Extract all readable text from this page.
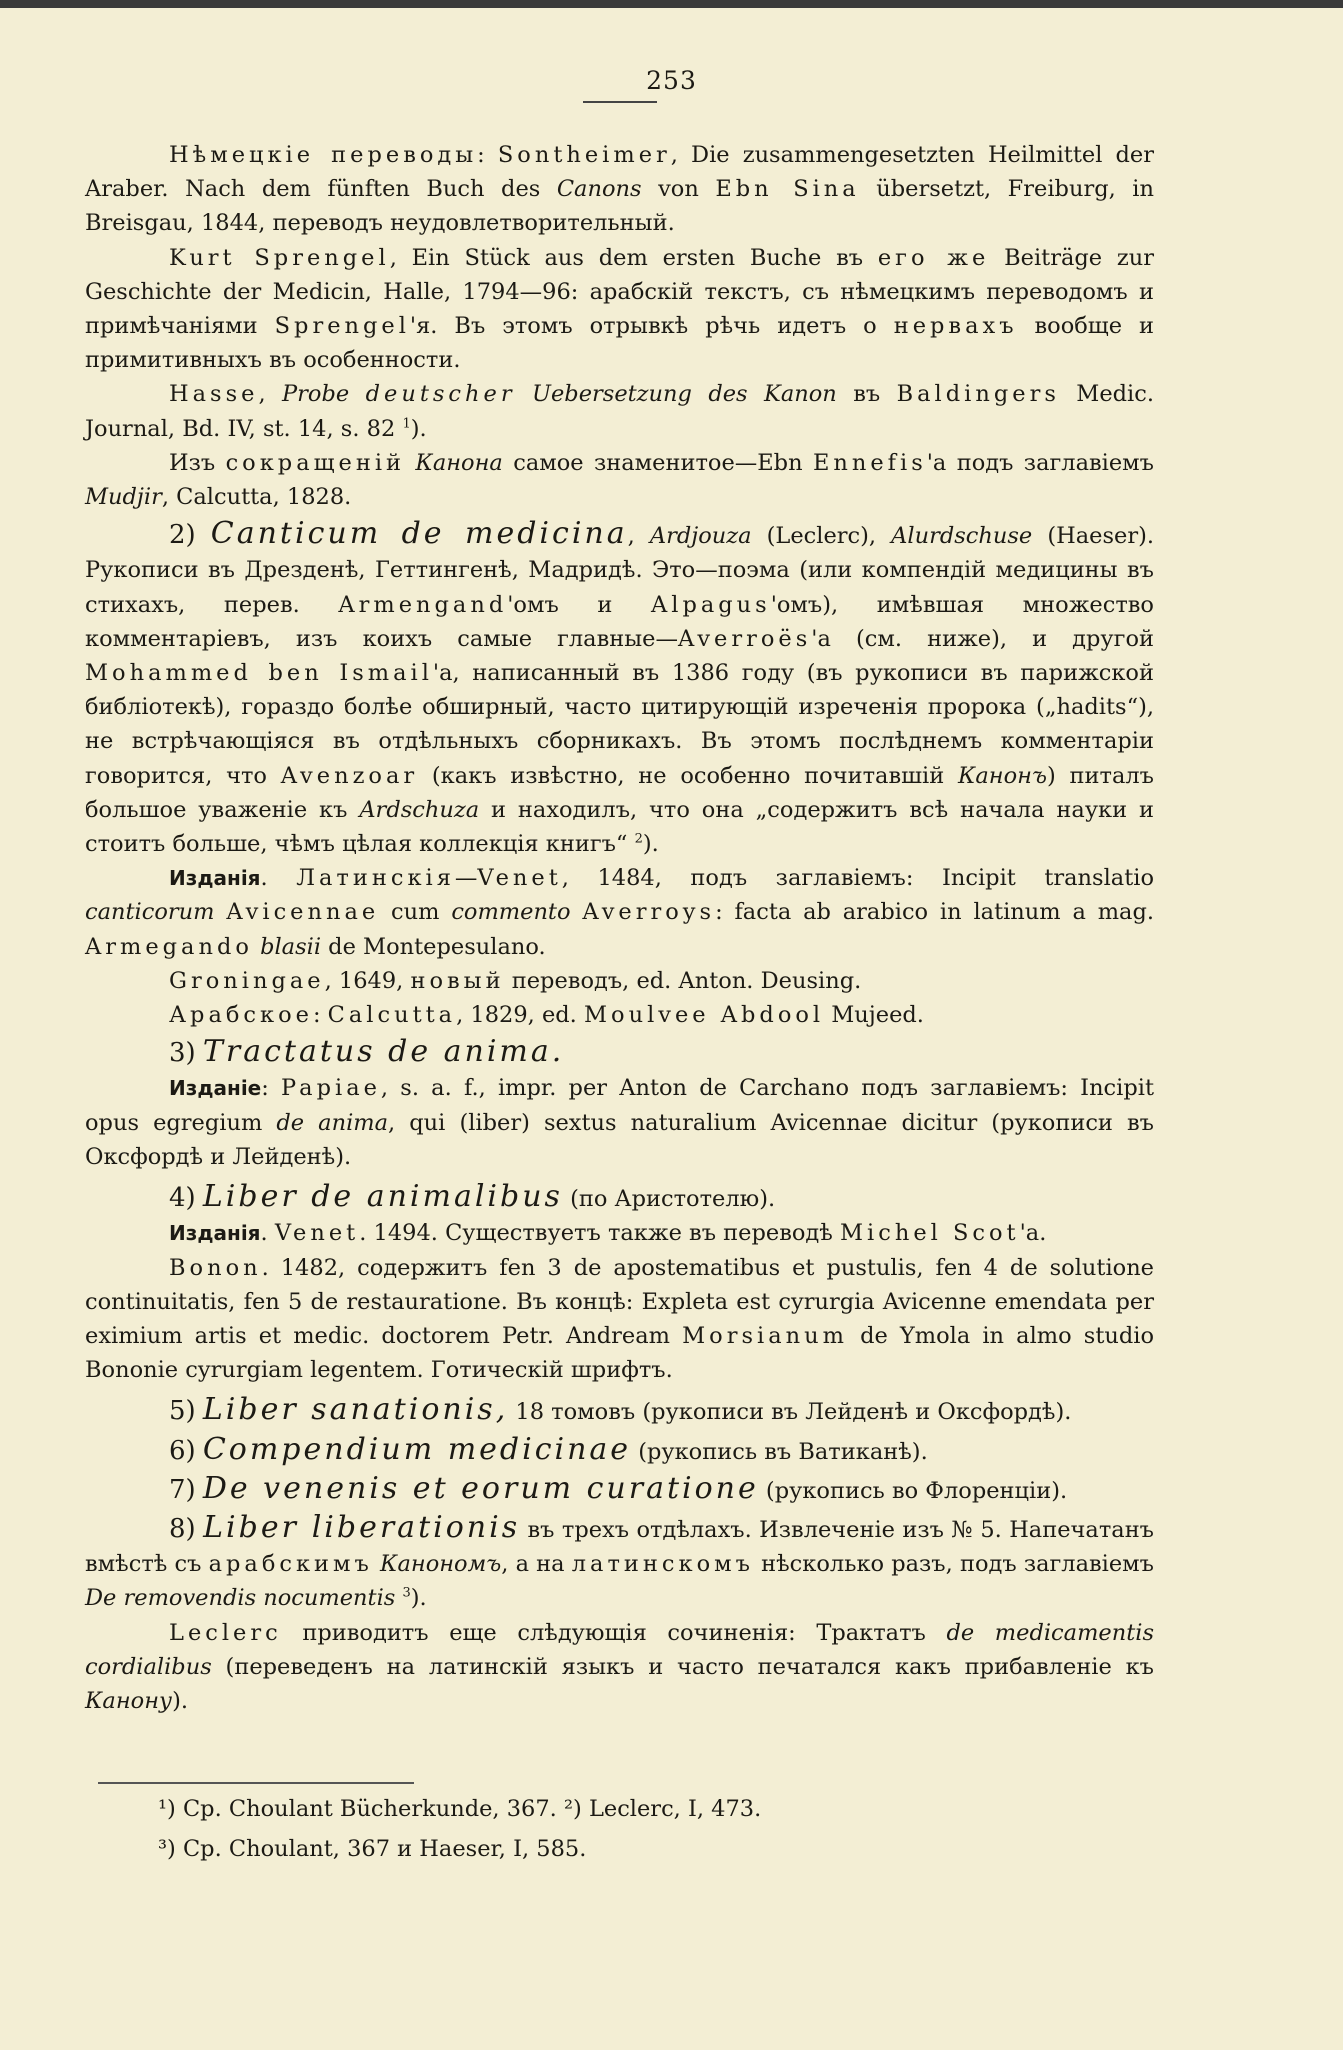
253

Нѣмецкіе переводы: Sontheimer, Die zusammengesetzten Heilmittel der Araber. Nach dem fünften Buch des Canons von Ebn Sina übersetzt, Freiburg, in Breisgau, 1844, переводъ неудовлетворительный.

Kurt Sprengel, Ein Stück aus dem ersten Buche въ его же Beiträge zur Geschichte der Medicin, Halle, 1794—96: арабскій текстъ, съ нѣмецкимъ переводомъ и примѣчаніями Sprengel'я. Въ этомъ отрывкѣ рѣчь идетъ о нервахъ вообще и примитивныхъ въ особенности.

Hasse, Probe deutscher Uebersetzung des Kanon въ Baldingers Medic. Journal, Bd. IV, st. 14, s. 82 $^1$).

Изъ сокращеній Канона самое знаменитое—Ebn Ennefis'а подъ заглавіемъ Mudjir, Calcutta, 1828.

2) Canticum de medicina, Ardjouza (Leclerc), Alurdschuse (Haeser). Рукописи въ Дрезденѣ, Геттингенѣ, Мадридѣ. Это—поэма (или компендій медицины въ стихахъ, перев. Armengand'омъ и Alpagus'омъ), имѣвшая множество комментаріевъ, изъ коихъ самые главные—Averroës'а (см. ниже), и другой Mohammed ben Ismail'а, написанный въ 1386 году (въ рукописи въ парижской библіотекѣ), гораздо болѣе обширный, часто цитирующій изреченія пророка („hadits“), не встрѣчающіяся въ отдѣльныхъ сборникахъ. Въ этомъ послѣднемъ комментаріи говорится, что Avenzoar (какъ извѣстно, не особенно почитавшій Канонъ) питалъ большое уваженіе къ Ardschuza и находилъ, что она „содержитъ всѣ начала науки и стоитъ больше, чѣмъ цѣлая коллекція книгъ“ $^2$).

Изданія. Латинскія—Venet, 1484, подъ заглавіемъ: Incipit translatio canticorum Avicennae cum commento Averroys: facta ab arabico in latinum a mag. Armegando blasii de Montepesulano.

Groningae, 1649, новый переводъ, ed. Anton. Deusing.

Арабское: Calcutta, 1829, ed. Moulvee Abdool Mujeed.

3) Tractatus de anima.

Изданіе: Papiae, s. a. f., impr. per Anton de Carchano подъ заглавіемъ: Incipit opus egregium de anima, qui (liber) sextus naturalium Avicennae dicitur (рукописи въ Оксфордѣ и Лейденѣ).

4) Liber de animalibus (по Аристотелю).

Изданія. Venet. 1494. Существуетъ также въ переводѣ Michel Scot'а.

Bonon. 1482, содержитъ fen 3 de apostematibus et pustulis, fen 4 de solutione continuitatis, fen 5 de restauratione. Въ концѣ: Expleta est cyrurgia Avicenne emendata per eximium artis et medic. doctorem Petr. Andream Morsianum de Ymola in almo studio Bononie cyrurgiam legentem. Готическій шрифтъ.

5) Liber sanationis, 18 томовъ (рукописи въ Лейденѣ и Оксфордѣ).

6) Compendium medicinae (рукопись въ Ватиканѣ).

7) De venenis et eorum curatione (рукопись во Флоренціи).

8) Liber liberationis въ трехъ отдѣлахъ. Извлеченіе изъ № 5. Напечатанъ вмѣстѣ съ арабскимъ Канономъ, а на латинскомъ нѣсколько разъ, подъ заглавіемъ De removendis nocumentis $^3$).

Leclerc приводитъ еще слѣдующія сочиненія: Трактатъ de medicamentis cordialibus (переведенъ на латинскій языкъ и часто печатался какъ прибавленіе къ Канону).

¹) Ср. Choulant Bücherkunde, 367. ²) Leclerc, I, 473.
³) Ср. Choulant, 367 и Haeser, I, 585.
